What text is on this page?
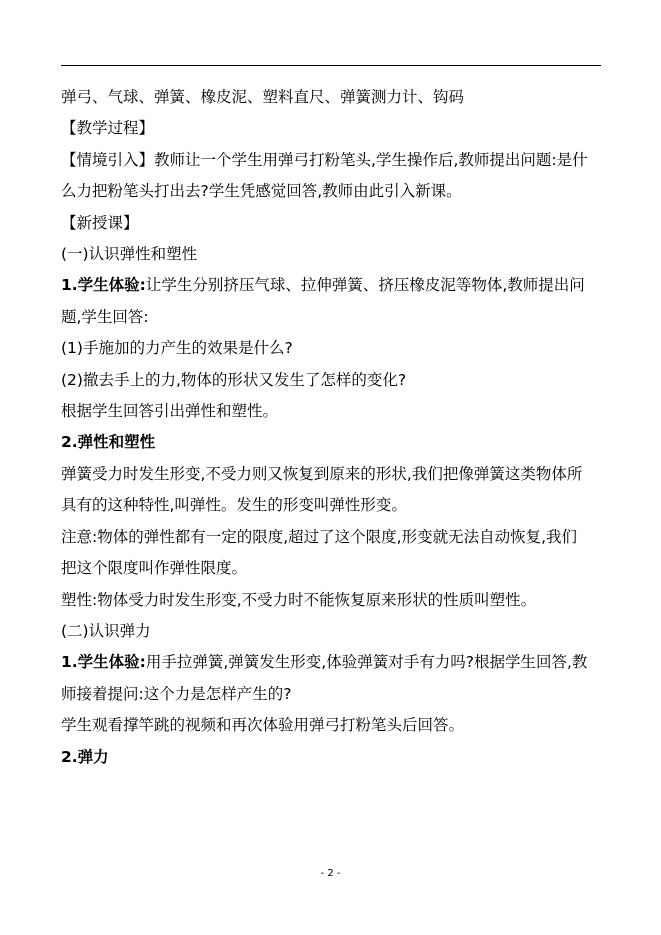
弹弓、气球、弹簧、橡皮泥、塑料直尺、弹簧测力计、钩码

【教学过程】

【情境引入】教师让一个学生用弹弓打粉笔头,学生操作后,教师提出问题:是什

么力把粉笔头打出去?学生凭感觉回答,教师由此引入新课。

【新授课】

(一)认识弹性和塑性

1.学生体验:让学生分别挤压气球、拉伸弹簧、挤压橡皮泥等物体,教师提出问

题,学生回答:

(1)手施加的力产生的效果是什么?

(2)撤去手上的力,物体的形状又发生了怎样的变化?

根据学生回答引出弹性和塑性。

2.弹性和塑性

弹簧受力时发生形变,不受力则又恢复到原来的形状,我们把像弹簧这类物体所

具有的这种特性,叫弹性。发生的形变叫弹性形变。

注意:物体的弹性都有一定的限度,超过了这个限度,形变就无法自动恢复,我们

把这个限度叫作弹性限度。

塑性:物体受力时发生形变,不受力时不能恢复原来形状的性质叫塑性。

(二)认识弹力

1.学生体验:用手拉弹簧,弹簧发生形变,体验弹簧对手有力吗?根据学生回答,教

师接着提问:这个力是怎样产生的?

学生观看撑竿跳的视频和再次体验用弹弓打粉笔头后回答。

2.弹力

- 2 -
